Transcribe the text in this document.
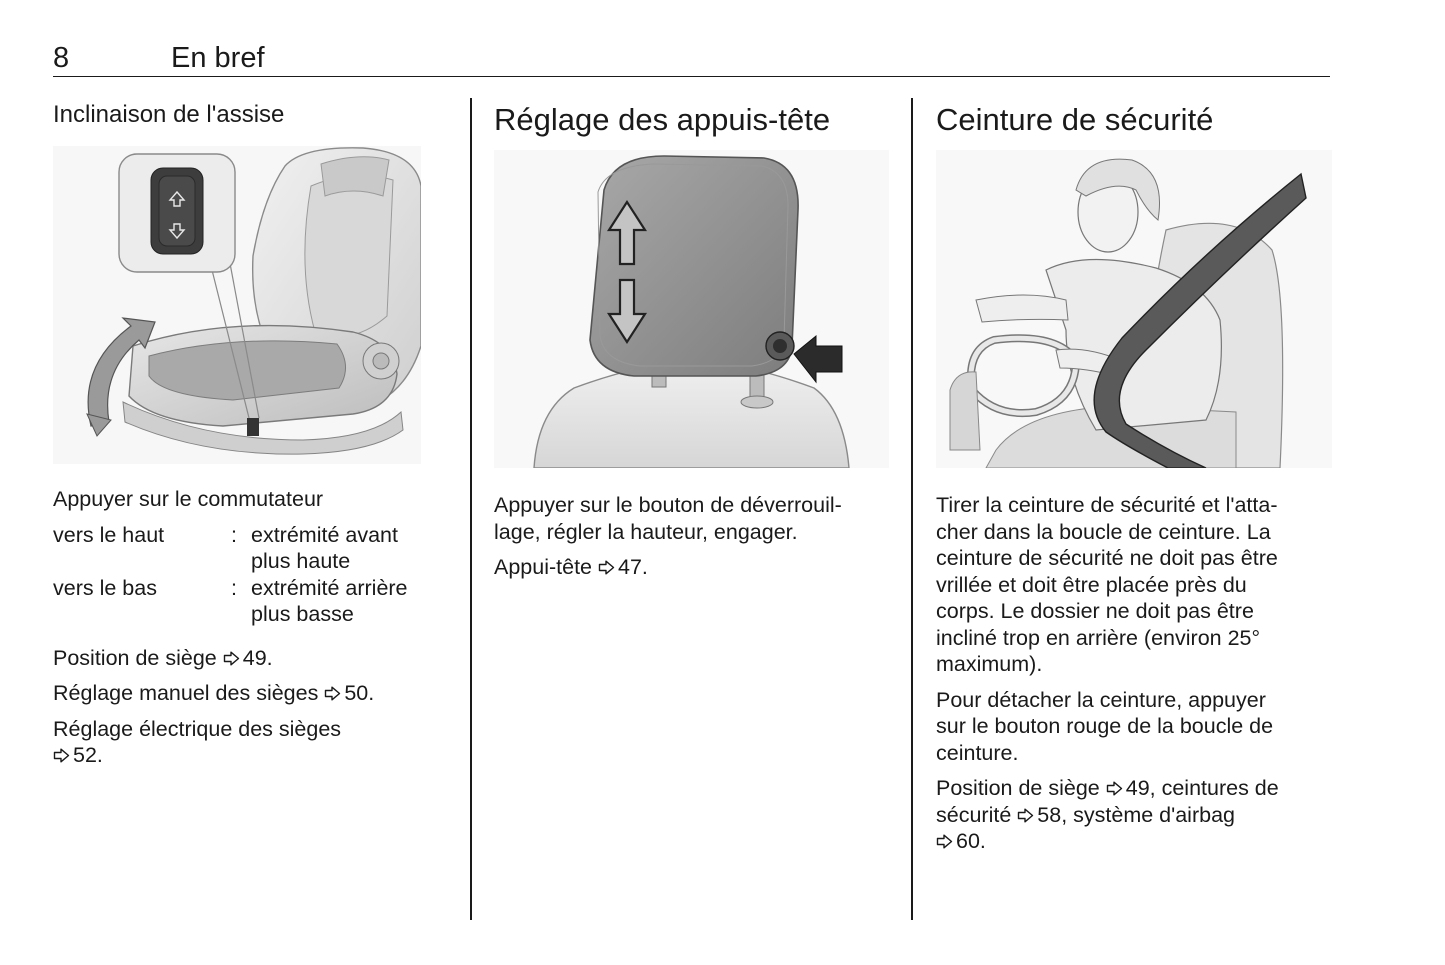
8	En bref
Inclinaison de l'assise

Appuyer sur le commutateur

vers le haut	: extrémité avant plus haute
vers le bas	: extrémité arrière plus basse

Position de siège 49.

Réglage manuel des sièges 50.

Réglage électrique des sièges
52.

Réglage des appuis-tête

Appuyer sur le bouton de déverrouil-
lage, régler la hauteur, engager.

Appui-tête 47.

Ceinture de sécurité

Tirer la ceinture de sécurité et l'atta-
cher dans la boucle de ceinture. La
ceinture de sécurité ne doit pas être
vrillée et doit être placée près du
corps. Le dossier ne doit pas être
incliné trop en arrière (environ 25°
maximum).

Pour détacher la ceinture, appuyer
sur le bouton rouge de la boucle de
ceinture.

Position de siège 49, ceintures de
sécurité 58, système d'airbag
60.
